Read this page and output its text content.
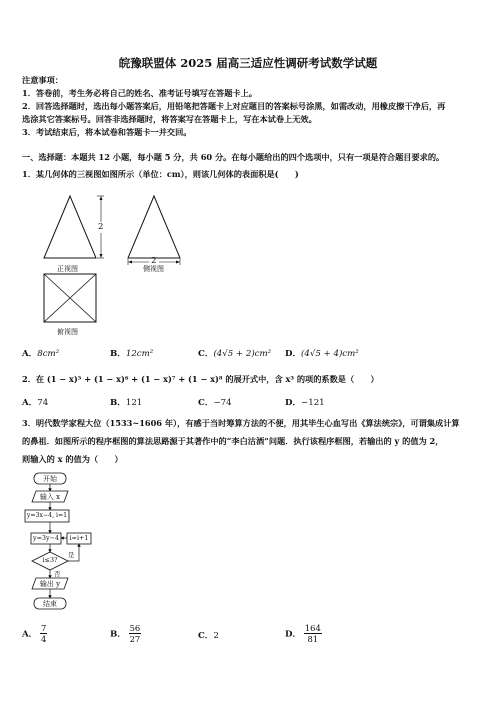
皖豫联盟体 2025 届高三适应性调研考试数学试题
注意事项：
1．答卷前，考生务必将自己的姓名、准考证号填写在答题卡上。
2．回答选择题时，选出每小题答案后，用铅笔把答题卡上对应题目的答案标号涂黑，如需改动，用橡皮擦干净后，再
选涂其它答案标号。回答非选择题时，将答案写在答题卡上，写在本试卷上无效。
3．考试结束后，将本试卷和答题卡一并交回。
一、选择题：本题共 12 小题，每小题 5 分，共 60 分。在每小题给出的四个选项中，只有一项是符合题目要求的。
1．某几何体的三视图如图所示（单位：cm），则该几何体的表面积是(　　)
2
2
正视图	侧视图
俯视图
A．8cm²	B．12cm²	C．(4√5 + 2)cm² D．(4√5 + 4)cm²
2．在 (1 − x)⁵ + (1 − x)⁶ + (1 − x)⁷ + (1 − x)⁸ 的展开式中，含 x³ 的项的系数是（　　）
A．74	B．121	C．−74	D．−121
3．明代数学家程大位（1533~1606 年），有感于当时筹算方法的不便，用其毕生心血写出《算法统宗》，可谓集成计算
的鼻祖．如图所示的程序框图的算法思路源于其著作中的“李白沽酒”问题．执行该程序框图，若输出的 y 的值为 2，
则输入的 x 的值为（　　）
开始
输入 x
y=3x−4, i=1
y=3y−4	i=i+1
i≤3?
是
否
输出 y
结束
A． $\frac{7}{4}$	B． $\frac{56}{27}$	C．2	D． $\frac{164}{81}$
